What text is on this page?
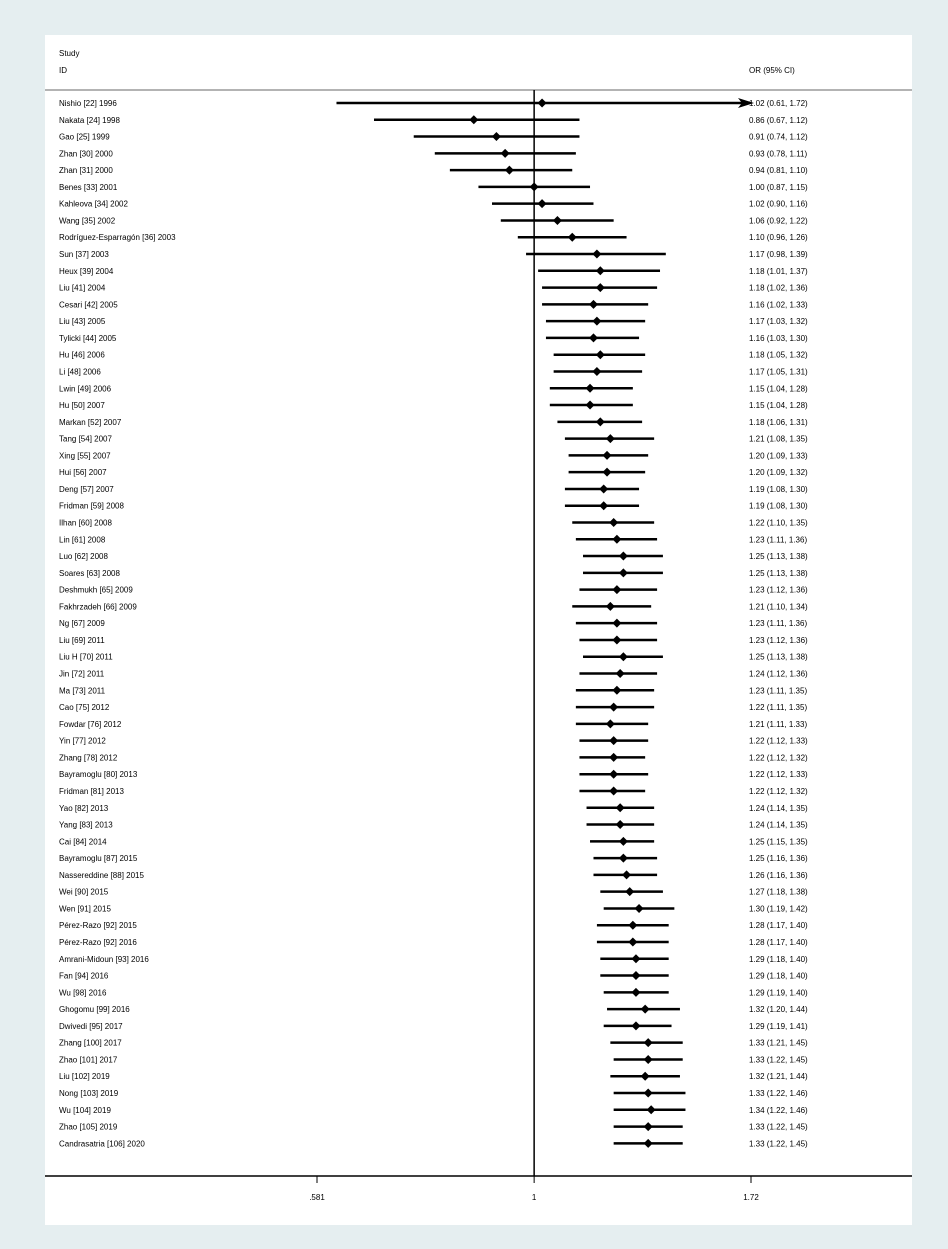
Study
ID	OR (95% CI)
.581	1	1.72
Nishio [22] 1996	1.02 (0.61, 1.72)
Nakata [24] 1998	0.86 (0.67, 1.12)
Gao [25] 1999	0.91 (0.74, 1.12)
Zhan [30] 2000	0.93 (0.78, 1.11)
Zhan [31] 2000	0.94 (0.81, 1.10)
Benes [33] 2001	1.00 (0.87, 1.15)
Kahleova [34] 2002	1.02 (0.90, 1.16)
Wang [35] 2002	1.06 (0.92, 1.22)
Rodríguez-Esparragón [36] 2003	1.10 (0.96, 1.26)
Sun [37] 2003	1.17 (0.98, 1.39)
Heux [39] 2004	1.18 (1.01, 1.37)
Liu [41] 2004	1.18 (1.02, 1.36)
Cesari [42] 2005	1.16 (1.02, 1.33)
Liu [43] 2005	1.17 (1.03, 1.32)
Tylicki [44] 2005	1.16 (1.03, 1.30)
Hu [46] 2006	1.18 (1.05, 1.32)
Li [48] 2006	1.17 (1.05, 1.31)
Lwin [49] 2006	1.15 (1.04, 1.28)
Hu [50] 2007	1.15 (1.04, 1.28)
Markan [52] 2007	1.18 (1.06, 1.31)
Tang [54] 2007	1.21 (1.08, 1.35)
Xing [55] 2007	1.20 (1.09, 1.33)
Hui [56] 2007	1.20 (1.09, 1.32)
Deng [57] 2007	1.19 (1.08, 1.30)
Fridman [59] 2008	1.19 (1.08, 1.30)
Ilhan [60] 2008	1.22 (1.10, 1.35)
Lin [61] 2008	1.23 (1.11, 1.36)
Luo [62] 2008	1.25 (1.13, 1.38)
Soares [63] 2008	1.25 (1.13, 1.38)
Deshmukh [65] 2009	1.23 (1.12, 1.36)
Fakhrzadeh [66] 2009	1.21 (1.10, 1.34)
Ng [67] 2009	1.23 (1.11, 1.36)
Liu [69] 2011	1.23 (1.12, 1.36)
Liu H [70] 2011	1.25 (1.13, 1.38)
Jin [72] 2011	1.24 (1.12, 1.36)
Ma [73] 2011	1.23 (1.11, 1.35)
Cao [75] 2012	1.22 (1.11, 1.35)
Fowdar [76] 2012	1.21 (1.11, 1.33)
Yin [77] 2012	1.22 (1.12, 1.33)
Zhang [78] 2012	1.22 (1.12, 1.32)
Bayramoglu [80] 2013	1.22 (1.12, 1.33)
Fridman [81] 2013	1.22 (1.12, 1.32)
Yao [82] 2013	1.24 (1.14, 1.35)
Yang [83] 2013	1.24 (1.14, 1.35)
Cai [84] 2014	1.25 (1.15, 1.35)
Bayramoglu [87] 2015	1.25 (1.16, 1.36)
Nassereddine [88] 2015	1.26 (1.16, 1.36)
Wei [90] 2015	1.27 (1.18, 1.38)
Wen [91] 2015	1.30 (1.19, 1.42)
Pérez-Razo [92] 2015	1.28 (1.17, 1.40)
Pérez-Razo [92] 2016	1.28 (1.17, 1.40)
Amrani-Midoun [93] 2016	1.29 (1.18, 1.40)
Fan [94] 2016	1.29 (1.18, 1.40)
Wu [98] 2016	1.29 (1.19, 1.40)
Ghogomu [99] 2016	1.32 (1.20, 1.44)
Dwivedi [95] 2017	1.29 (1.19, 1.41)
Zhang [100] 2017	1.33 (1.21, 1.45)
Zhao [101] 2017	1.33 (1.22, 1.45)
Liu [102] 2019	1.32 (1.21, 1.44)
Nong [103] 2019	1.33 (1.22, 1.46)
Wu [104] 2019	1.34 (1.22, 1.46)
Zhao [105] 2019	1.33 (1.22, 1.45)
Candrasatria [106] 2020	1.33 (1.22, 1.45)
